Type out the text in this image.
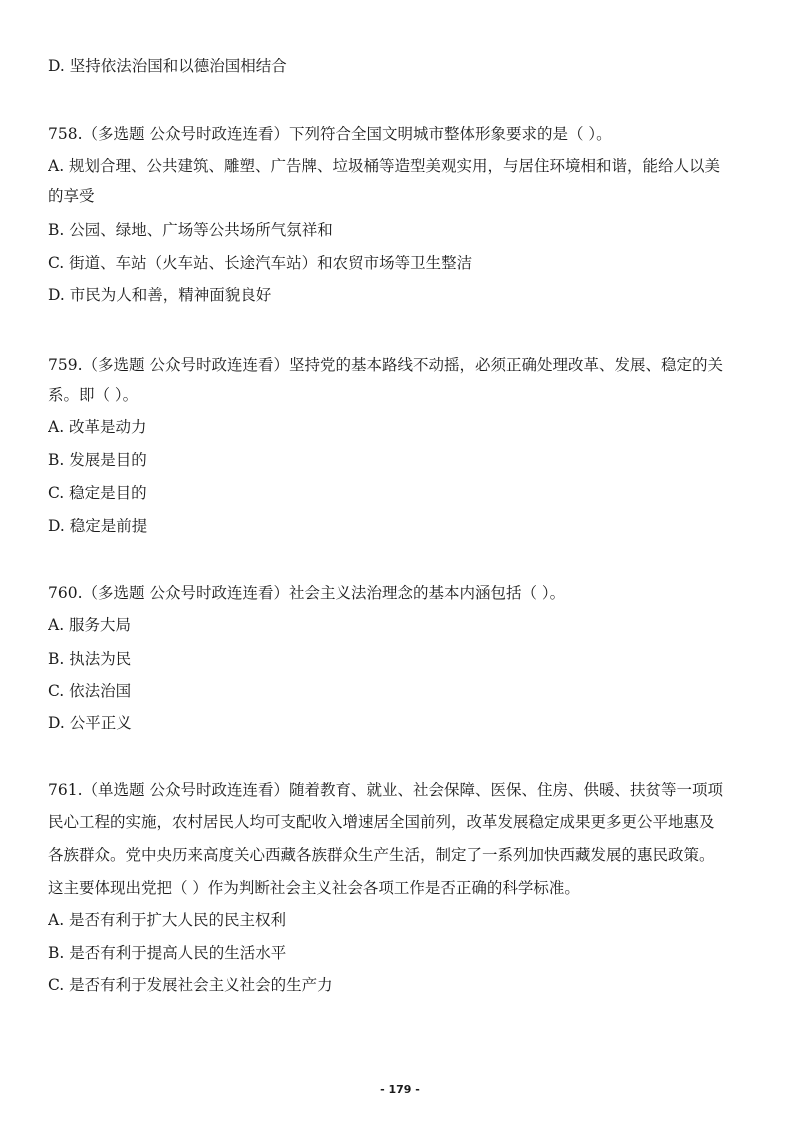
D. 坚持依法治国和以德治国相结合
758.（多选题 公众号时政连连看）下列符合全国文明城市整体形象要求的是（ ）。
A. 规划合理、公共建筑、雕塑、广告牌、垃圾桶等造型美观实用，与居住环境相和谐，能给人以美
的享受
B. 公园、绿地、广场等公共场所气氛祥和
C. 街道、车站（火车站、长途汽车站）和农贸市场等卫生整洁
D. 市民为人和善，精神面貌良好
759.（多选题 公众号时政连连看）坚持党的基本路线不动摇，必须正确处理改革、发展、稳定的关
系。即（ ）。
A. 改革是动力
B. 发展是目的
C. 稳定是目的
D. 稳定是前提
760.（多选题 公众号时政连连看）社会主义法治理念的基本内涵包括（ ）。
A. 服务大局
B. 执法为民
C. 依法治国
D. 公平正义
761.（单选题 公众号时政连连看）随着教育、就业、社会保障、医保、住房、供暖、扶贫等一项项
民心工程的实施，农村居民人均可支配收入增速居全国前列，改革发展稳定成果更多更公平地惠及
各族群众。党中央历来高度关心西藏各族群众生产生活，制定了一系列加快西藏发展的惠民政策。
这主要体现出党把（ ）作为判断社会主义社会各项工作是否正确的科学标准。
A. 是否有利于扩大人民的民主权利
B. 是否有利于提高人民的生活水平
C. 是否有利于发展社会主义社会的生产力
- 179 -
